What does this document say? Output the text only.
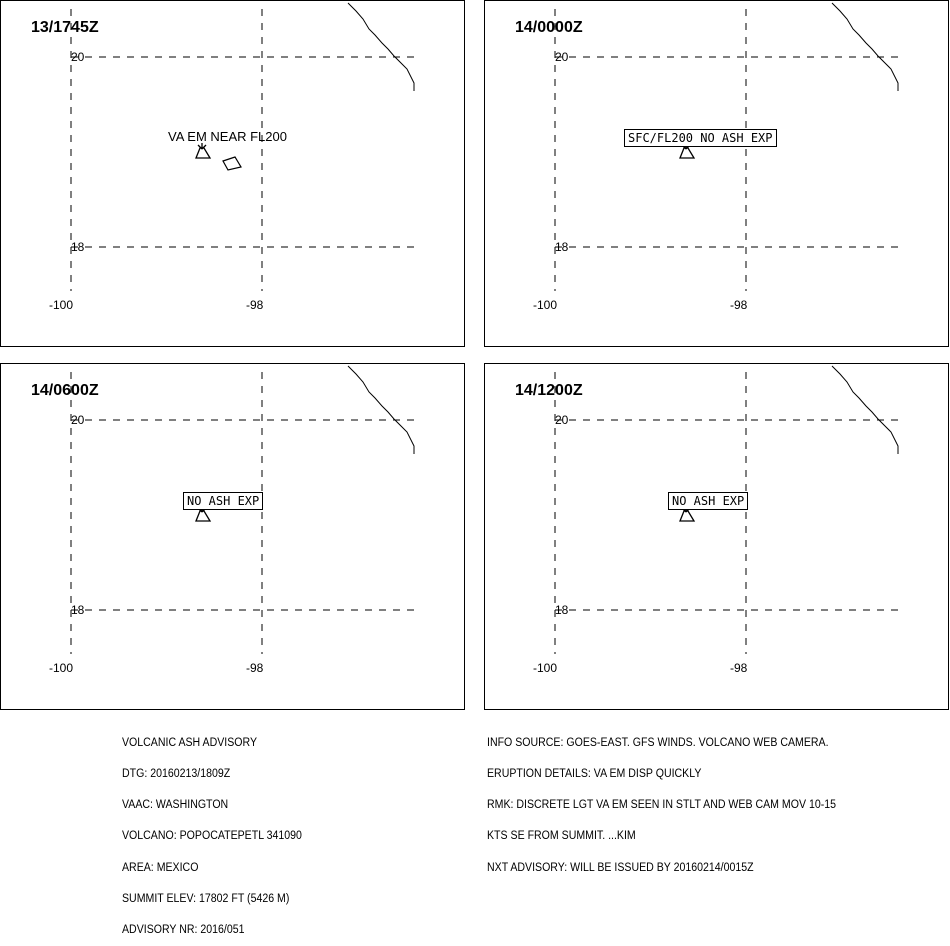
13/1745Z
20
18
-100	-98
VA EM NEAR FL200
14/0000Z
20
18
-100	-98
SFC/FL200 NO ASH EXP
14/0600Z
20
18
-100	-98
NO ASH EXP
14/1200Z
20
18
-100	-98
NO ASH EXP

VOLCANIC ASH ADVISORY

DTG: 20160213/1809Z

VAAC: WASHINGTON

VOLCANO: POPOCATEPETL 341090

AREA: MEXICO

SUMMIT ELEV: 17802 FT (5426 M)

ADVISORY NR: 2016/051

INFO SOURCE: GOES-EAST. GFS WINDS. VOLCANO WEB CAMERA.

ERUPTION DETAILS: VA EM DISP QUICKLY

RMK: DISCRETE LGT VA EM SEEN IN STLT AND WEB CAM MOV 10-15

KTS SE FROM SUMMIT. ...KIM

NXT ADVISORY: WILL BE ISSUED BY 20160214/0015Z
